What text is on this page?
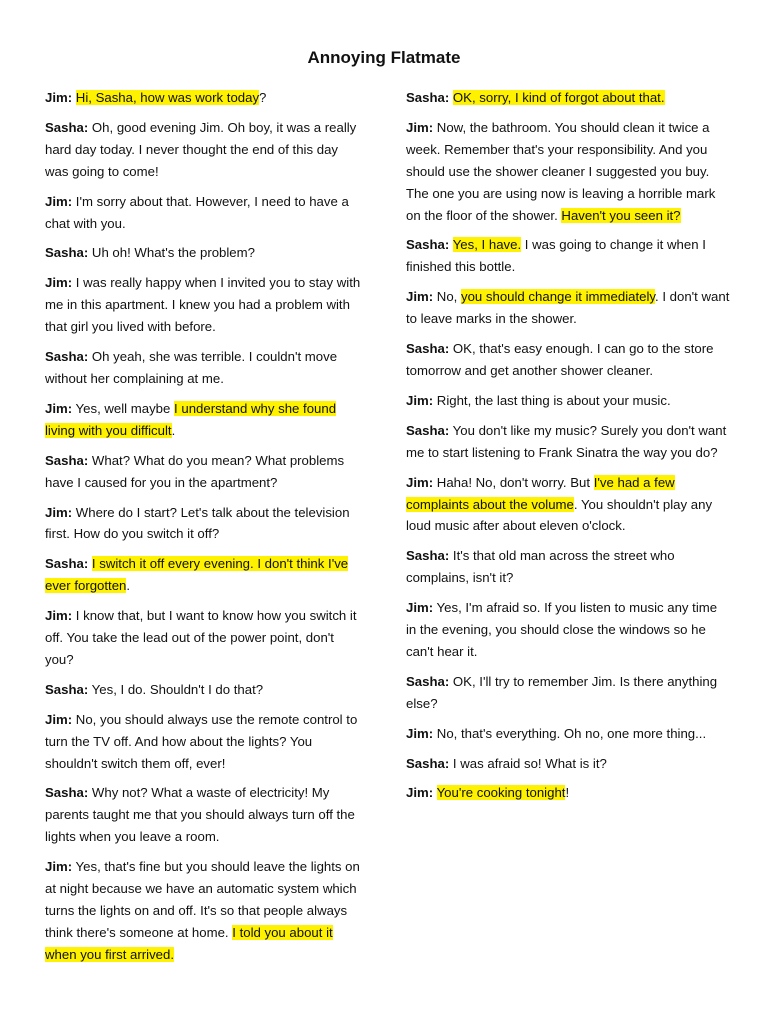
Annoying Flatmate

Jim: Hi, Sasha, how was work today?

Sasha: Oh, good evening Jim. Oh boy, it was a really hard day today. I never thought the end of this day was going to come!

Jim: I'm sorry about that. However, I need to have a chat with you.

Sasha: Uh oh! What's the problem?

Jim: I was really happy when I invited you to stay with me in this apartment. I knew you had a problem with that girl you lived with before.

Sasha: Oh yeah, she was terrible. I couldn't move without her complaining at me.

Jim: Yes, well maybe I understand why she found living with you difficult.

Sasha: What? What do you mean? What problems have I caused for you in the apartment?

Jim: Where do I start? Let's talk about the television first. How do you switch it off?

Sasha: I switch it off every evening. I don't think I've ever forgotten.

Jim: I know that, but I want to know how you switch it off. You take the lead out of the power point, don't you?

Sasha: Yes, I do. Shouldn't I do that?

Jim: No, you should always use the remote control to turn the TV off. And how about the lights? You shouldn't switch them off, ever!

Sasha: Why not? What a waste of electricity! My parents taught me that you should always turn off the lights when you leave a room.

Jim: Yes, that's fine but you should leave the lights on at night because we have an automatic system which turns the lights on and off. It's so that people always think there's someone at home. I told you about it when you first arrived.

Sasha: OK, sorry, I kind of forgot about that.

Jim: Now, the bathroom. You should clean it twice a week. Remember that's your responsibility. And you should use the shower cleaner I suggested you buy. The one you are using now is leaving a horrible mark on the floor of the shower. Haven't you seen it?

Sasha: Yes, I have. I was going to change it when I finished this bottle.

Jim: No, you should change it immediately. I don't want to leave marks in the shower.

Sasha: OK, that's easy enough. I can go to the store tomorrow and get another shower cleaner.

Jim: Right, the last thing is about your music.

Sasha: You don't like my music? Surely you don't want me to start listening to Frank Sinatra the way you do?

Jim: Haha! No, don't worry. But I've had a few complaints about the volume. You shouldn't play any loud music after about eleven o'clock.

Sasha: It's that old man across the street who complains, isn't it?

Jim: Yes, I'm afraid so. If you listen to music any time in the evening, you should close the windows so he can't hear it.

Sasha: OK, I'll try to remember Jim. Is there anything else?

Jim: No, that's everything. Oh no, one more thing...

Sasha: I was afraid so! What is it?

Jim: You're cooking tonight!
